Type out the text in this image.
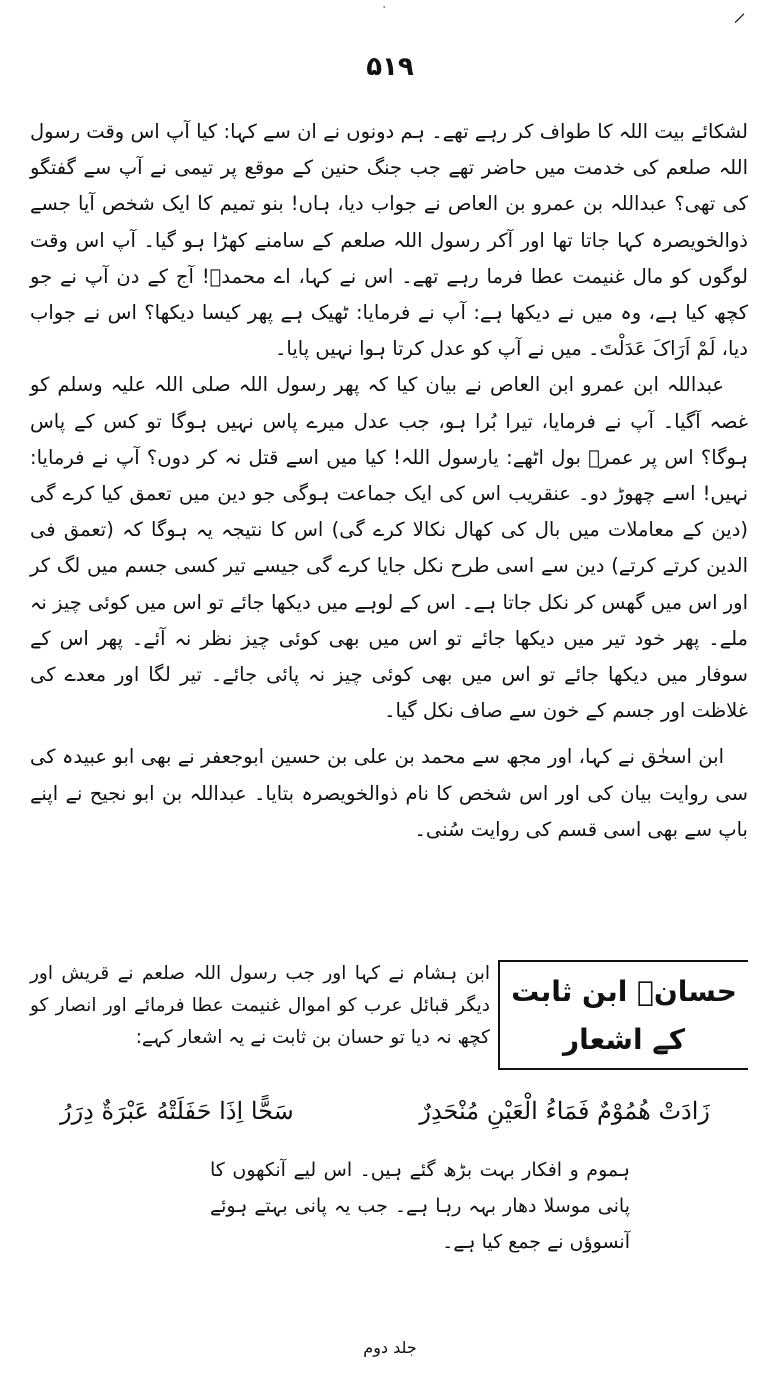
·	⸝
۵۱۹

لشکائے بیت اللہ کا طواف کر رہے تھے۔ ہم دونوں نے ان سے کہا: کیا آپ اس وقت رسول اللہ صلعم کی خدمت میں حاضر تھے جب جنگ حنین کے موقع پر تیمی نے آپ سے گفتگو کی تھی؟ عبداللہ بن عمرو بن العاص نے جواب دیا، ہاں! بنو تمیم کا ایک شخص آیا جسے ذوالخویصرہ کہا جاتا تھا اور آکر رسول اللہ صلعم کے سامنے کھڑا ہو گیا۔ آپ اس وقت لوگوں کو مال غنیمت عطا فرما رہے تھے۔ اس نے کہا، اے محمدؐ! آج کے دن آپ نے جو کچھ کیا ہے، وہ میں نے دیکھا ہے: آپ نے فرمایا: ٹھیک ہے پھر کیسا دیکھا؟ اس نے جواب دیا، لَمْ اَرَاکَ عَدَلْتَ۔ میں نے آپ کو عدل کرتا ہوا نہیں پایا۔

عبداللہ ابن عمرو ابن العاص نے بیان کیا کہ پھر رسول اللہ صلی اللہ علیہ وسلم کو غصہ آگیا۔ آپ نے فرمایا، تیرا بُرا ہو، جب عدل میرے پاس نہیں ہوگا تو کس کے پاس ہوگا؟ اس پر عمرؓ بول اٹھے: یارسول اللہ! کیا میں اسے قتل نہ کر دوں؟ آپ نے فرمایا: نہیں! اسے چھوڑ دو۔ عنقریب اس کی ایک جماعت ہوگی جو دین میں تعمق کیا کرے گی (دین کے معاملات میں بال کی کھال نکالا کرے گی) اس کا نتیجہ یہ ہوگا کہ (تعمق فی الدین کرتے کرتے) دین سے اسی طرح نکل جایا کرے گی جیسے تیر کسی جسم میں لگ کر اور اس میں گھس کر نکل جاتا ہے۔ اس کے لوہے میں دیکھا جائے تو اس میں کوئی چیز نہ ملے۔ پھر خود تیر میں دیکھا جائے تو اس میں بھی کوئی چیز نظر نہ آئے۔ پھر اس کے سوفار میں دیکھا جائے تو اس میں بھی کوئی چیز نہ پائی جائے۔ تیر لگا اور معدے کی غلاظت اور جسم کے خون سے صاف نکل گیا۔

ابن اسحٰق نے کہا، اور مجھ سے محمد بن علی بن حسین ابوجعفر نے بھی ابو عبیدہ کی سی روایت بیان کی اور اس شخص کا نام ذوالخویصرہ بتایا۔ عبداللہ بن ابو نجیح نے اپنے باپ سے بھی اسی قسم کی روایت سُنی۔

حسانؓ ابن ثابت کے اشعار
ابن ہشام نے کہا اور جب رسول اللہ صلعم نے قریش اور دیگر قبائل عرب کو اموال غنیمت عطا فرمائے اور انصار کو کچھ نہ دیا تو حسان بن ثابت نے یہ اشعار کہے:
زَادَتْ هُمُوْمٌ فَمَاءُ الْعَيْنِ مُنْحَدِرٌ
سَحًّا اِذَا حَفَلَتْهُ عَبْرَةٌ دِرَرُ
ہموم و افکار بہت بڑھ گئے ہیں۔ اس لیے آنکھوں کا پانی موسلا دھار بہہ رہا ہے۔ جب یہ پانی بہتے ہوئے آنسوؤں نے جمع کیا ہے۔
جلد دوم
